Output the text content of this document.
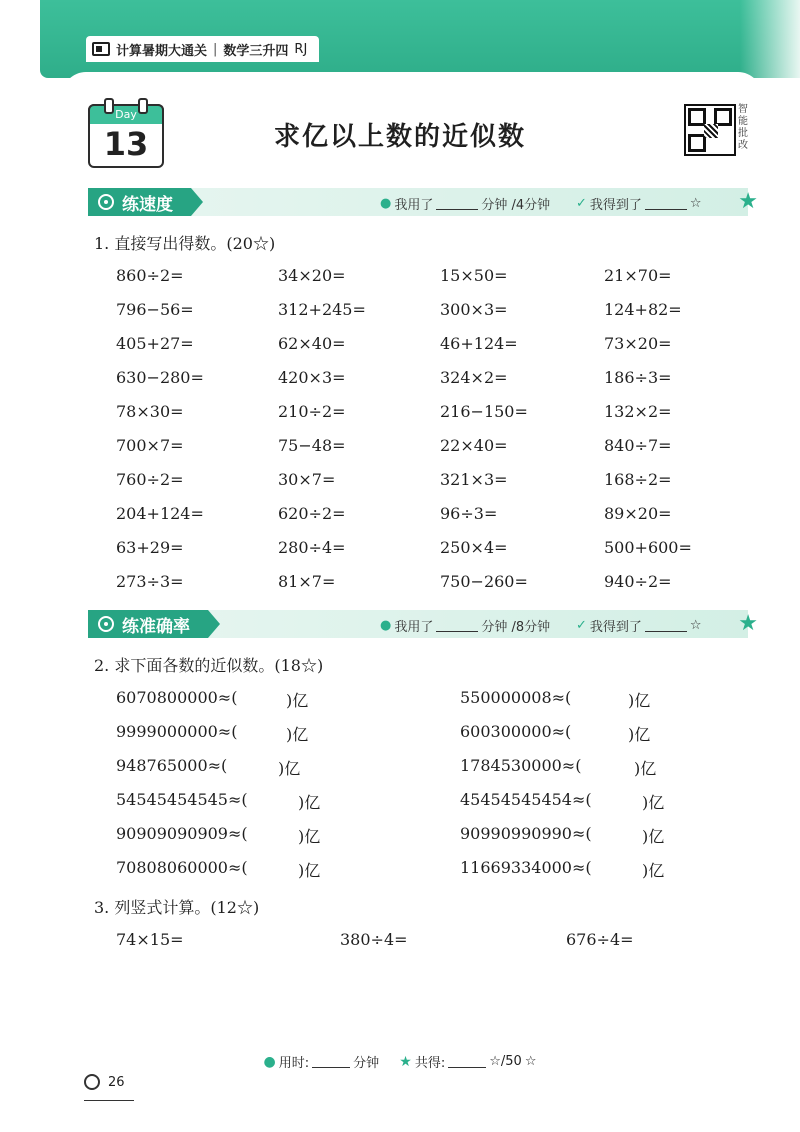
计算暑期大通关 | 数学三升四 RJ
Day
13	求亿以上数的近似数
智能批改
练速度	● 我用了	分钟 /4分钟 ✓ 我得到了	☆ ★
1. 直接写出得数。(20☆)
860÷2=	34×20=	15×50=	21×70=
796−56=	312+245=	300×3=	124+82=
405+27=	62×40=	46+124=	73×20=
630−280=	420×3=	324×2=	186÷3=
78×30=	210÷2=	216−150=	132×2=
700×7=	75−48=	22×40=	840÷7=
760÷2=	30×7=	321×3=	168÷2=
204+124=	620÷2=	96÷3=	89×20=
63+29=	280÷4=	250×4=	500+600=
273÷3=	81×7=	750−260=	940÷2=
练准确率	● 我用了	分钟 /8分钟 ✓ 我得到了	☆ ★
2. 求下面各数的近似数。(18☆)
6070800000≈(	)亿	550000008≈(	)亿
9999000000≈(	)亿	600300000≈(	)亿
948765000≈(	)亿	1784530000≈(	)亿
54545454545≈(	)亿	45454545454≈(	)亿
90909090909≈(	)亿	90990990990≈(	)亿
70808060000≈(	)亿	11669334000≈(	)亿
3. 列竖式计算。(12☆)
74×15=	380÷4=	676÷4=
● 用时:	分钟
★ 共得:	☆/50 ☆
26
